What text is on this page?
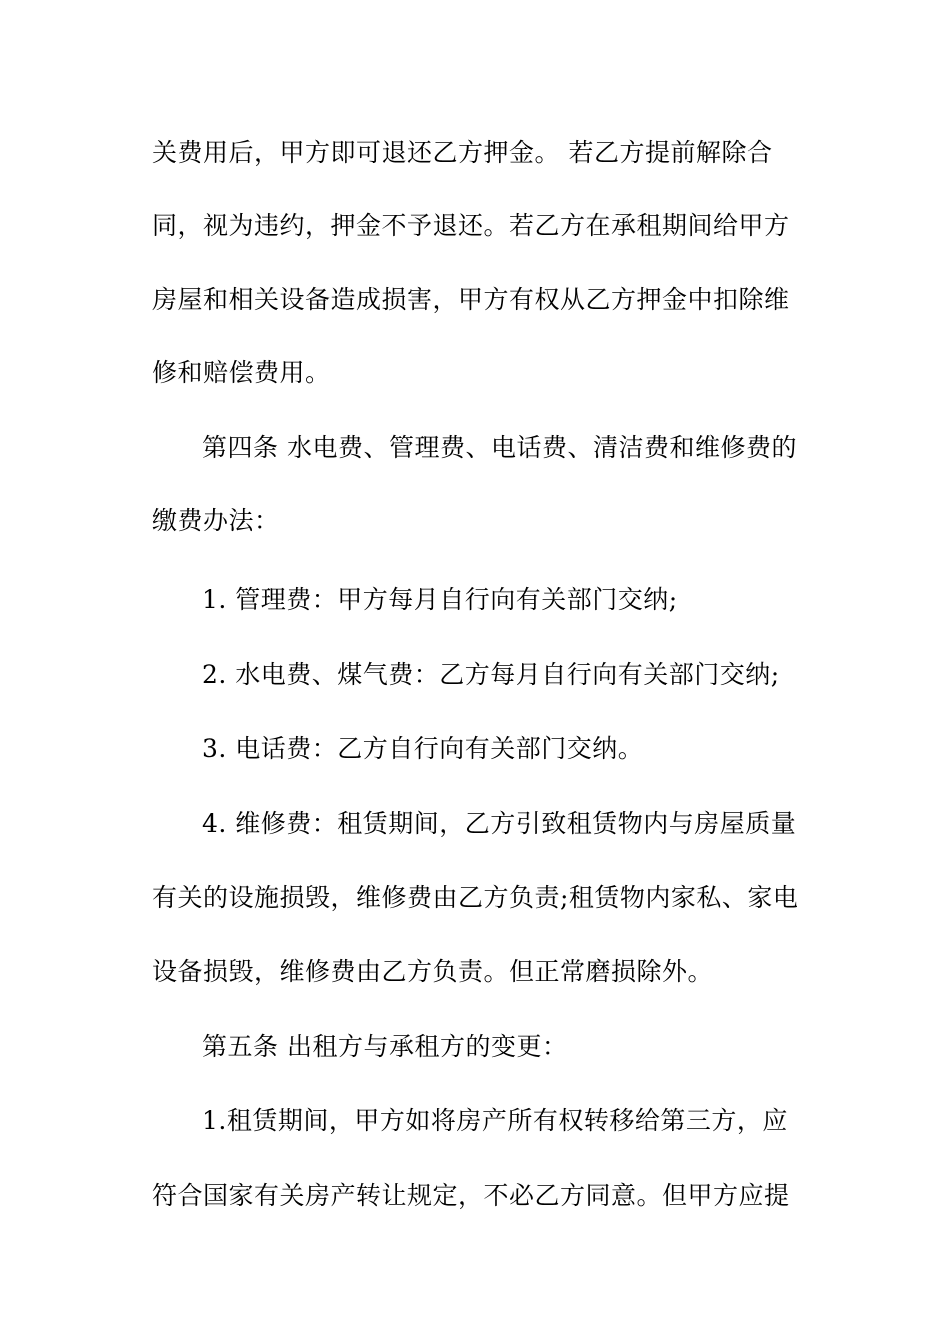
关费用后，甲方即可退还乙方押金。 若乙方提前解除合
同，视为违约，押金不予退还。若乙方在承租期间给甲方
房屋和相关设备造成损害，甲方有权从乙方押金中扣除维
修和赔偿费用。
第四条 水电费、管理费、电话费、清洁费和维修费的
缴费办法：
1. 管理费：甲方每月自行向有关部门交纳;
2. 水电费、煤气费：乙方每月自行向有关部门交纳;
3. 电话费：乙方自行向有关部门交纳。
4. 维修费：租赁期间，乙方引致租赁物内与房屋质量
有关的设施损毁，维修费由乙方负责;租赁物内家私、家电
设备损毁，维修费由乙方负责。但正常磨损除外。
第五条 出租方与承租方的变更：
1.租赁期间，甲方如将房产所有权转移给第三方，应
符合国家有关房产转让规定，不必乙方同意。但甲方应提
